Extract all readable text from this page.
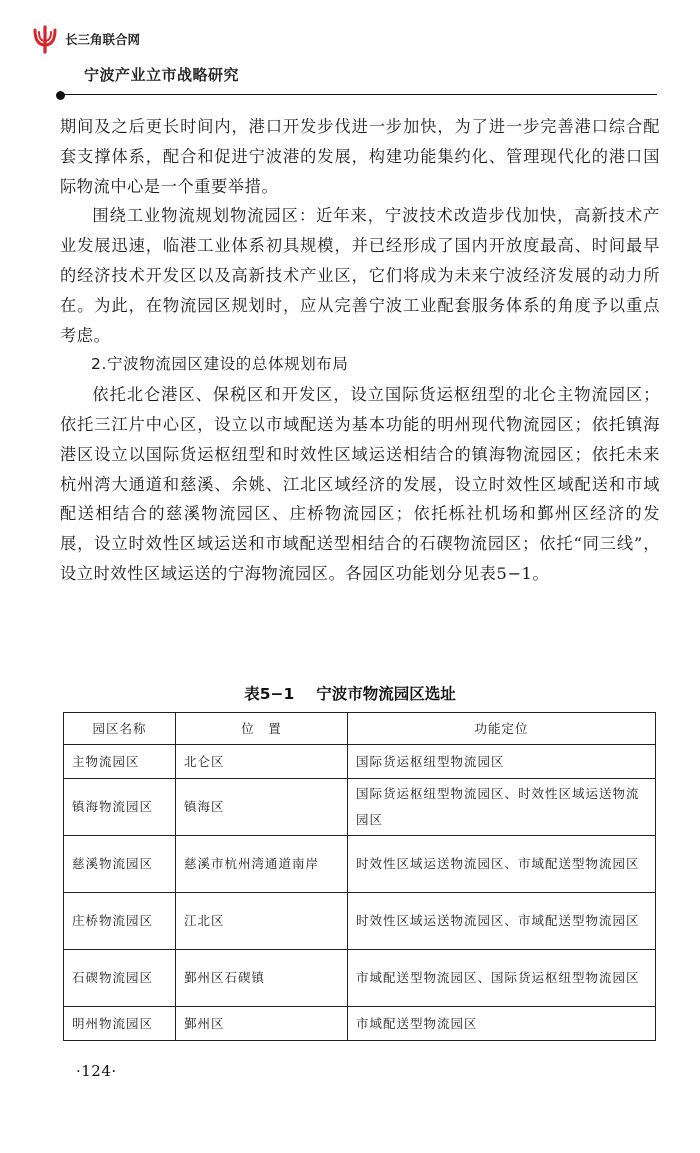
长三角联合网
宁波产业立市战略研究

期间及之后更长时间内，港口开发步伐进一步加快，为了进一步完善港口综合配套支撑体系，配合和促进宁波港的发展，构建功能集约化、管理现代化的港口国际物流中心是一个重要举措。

围绕工业物流规划物流园区：近年来，宁波技术改造步伐加快，高新技术产业发展迅速，临港工业体系初具规模，并已经形成了国内开放度最高、时间最早的经济技术开发区以及高新技术产业区，它们将成为未来宁波经济发展的动力所在。为此，在物流园区规划时，应从完善宁波工业配套服务体系的角度予以重点考虑。

2.宁波物流园区建设的总体规划布局

依托北仑港区、保税区和开发区，设立国际货运枢纽型的北仑主物流园区；依托三江片中心区，设立以市域配送为基本功能的明州现代物流园区；依托镇海港区设立以国际货运枢纽型和时效性区域运送相结合的镇海物流园区；依托未来杭州湾大通道和慈溪、余姚、江北区域经济的发展，设立时效性区域配送和市域配送相结合的慈溪物流园区、庄桥物流园区；依托栎社机场和鄞州区经济的发展，设立时效性区域运送和市域配送型相结合的石碶物流园区；依托“同三线”，设立时效性区域运送的宁海物流园区。各园区功能划分见表5−1。

表5−1 宁波市物流园区选址
园区名称	位　置	功能定位
主物流园区	北仑区	国际货运枢纽型物流园区
镇海物流园区	镇海区	国际货运枢纽型物流园区、时效性区域运送物流园区
慈溪物流园区	慈溪市杭州湾通道南岸	时效性区域运送物流园区、市域配送型物流园区
庄桥物流园区	江北区	时效性区域运送物流园区、市域配送型物流园区
石碶物流园区	鄞州区石碶镇	市域配送型物流园区、国际货运枢纽型物流园区
明州物流园区	鄞州区	市域配送型物流园区
·124·
